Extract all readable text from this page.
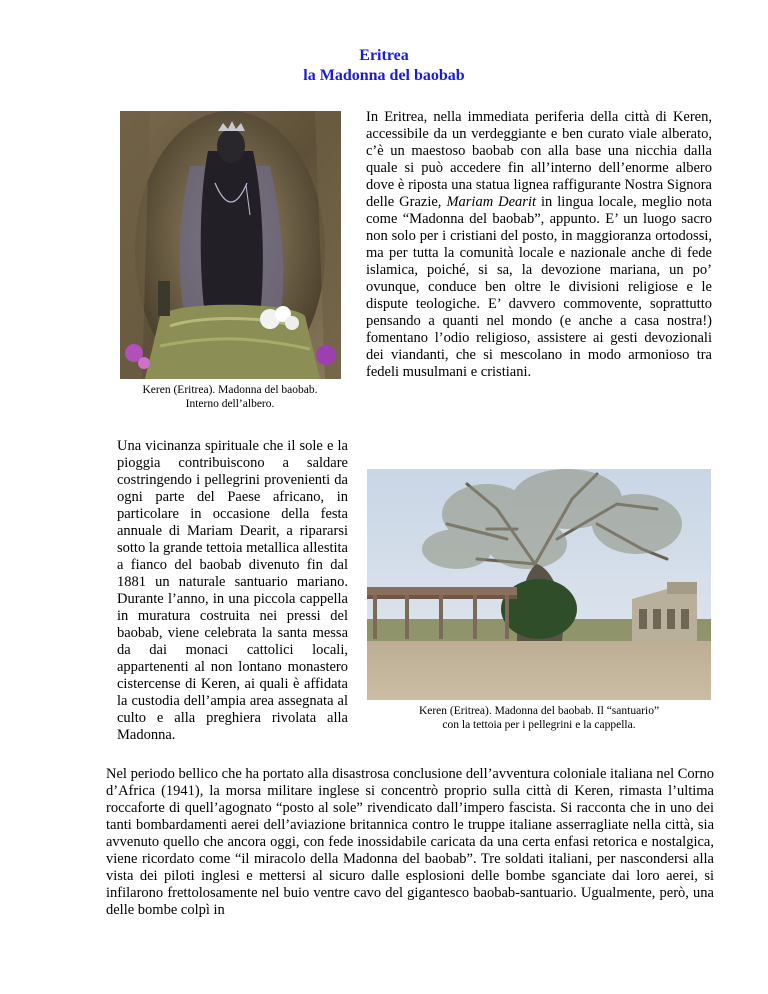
Eritrea
la Madonna del baobab
Keren (Eritrea). Madonna del baobab.
Interno dell’albero.
In Eritrea, nella immediata periferia della città di Keren, accessibile da un verdeggiante e ben curato viale alberato, c’è un maestoso baobab con alla base una nicchia dalla quale si può accedere fin all’interno dell’enorme albero dove è riposta una statua lignea raffigurante Nostra Signora delle Grazie, Mariam Dearit in lingua locale, meglio nota come “Madonna del baobab”, appunto. E’ un luogo sacro non solo per i cristiani del posto, in maggioranza ortodossi, ma per tutta la comunità locale e nazionale anche di fede islamica, poiché, si sa, la devozione mariana, un po’ ovunque, conduce ben oltre le divisioni religiose e le dispute teologiche. E’ davvero commovente, soprattutto pensando a quanti nel mondo (e anche a casa nostra!) fomentano l’odio religioso, assistere ai gesti devozionali dei viandanti, che si mescolano in modo armonioso tra fedeli musulmani e cristiani.
Una vicinanza spirituale che il sole e la pioggia contribuiscono a saldare costringendo i pellegrini provenienti da ogni parte del Paese africano, in particolare in occasione della festa annuale di Mariam Dearit, a ripararsi sotto la grande tettoia metallica allestita a fianco del baobab divenuto fin dal 1881 un naturale santuario mariano. Durante l’anno, in una piccola cappella in muratura costruita nei pressi del baobab, viene celebrata la santa messa da dai monaci cattolici locali, appartenenti al non lontano monastero cistercense di Keren, ai quali è affidata la custodia dell’ampia area assegnata al culto e alla preghiera rivolata alla Madonna.
Keren (Eritrea). Madonna del baobab. Il “santuario”
con la tettoia per i pellegrini e la cappella.
Nel periodo bellico che ha portato alla disastrosa conclusione dell’avventura coloniale italiana nel Corno d’Africa (1941), la morsa militare inglese si concentrò proprio sulla città di Keren, rimasta l’ultima roccaforte di quell’agognato “posto al sole” rivendicato dall’impero fascista. Si racconta che in uno dei tanti bombardamenti aerei dell’aviazione britannica contro le truppe italiane asserragliate nella città, sia avvenuto quello che ancora oggi, con fede inossidabile caricata da una certa enfasi retorica e nostalgica, viene ricordato come “il miracolo della Madonna del baobab”. Tre soldati italiani, per nascondersi alla vista dei piloti inglesi e mettersi al sicuro dalle esplosioni delle bombe sganciate dai loro aerei, si infilarono frettolosamente nel buio ventre cavo del gigantesco baobab-santuario. Ugualmente, però, una delle bombe colpì in
